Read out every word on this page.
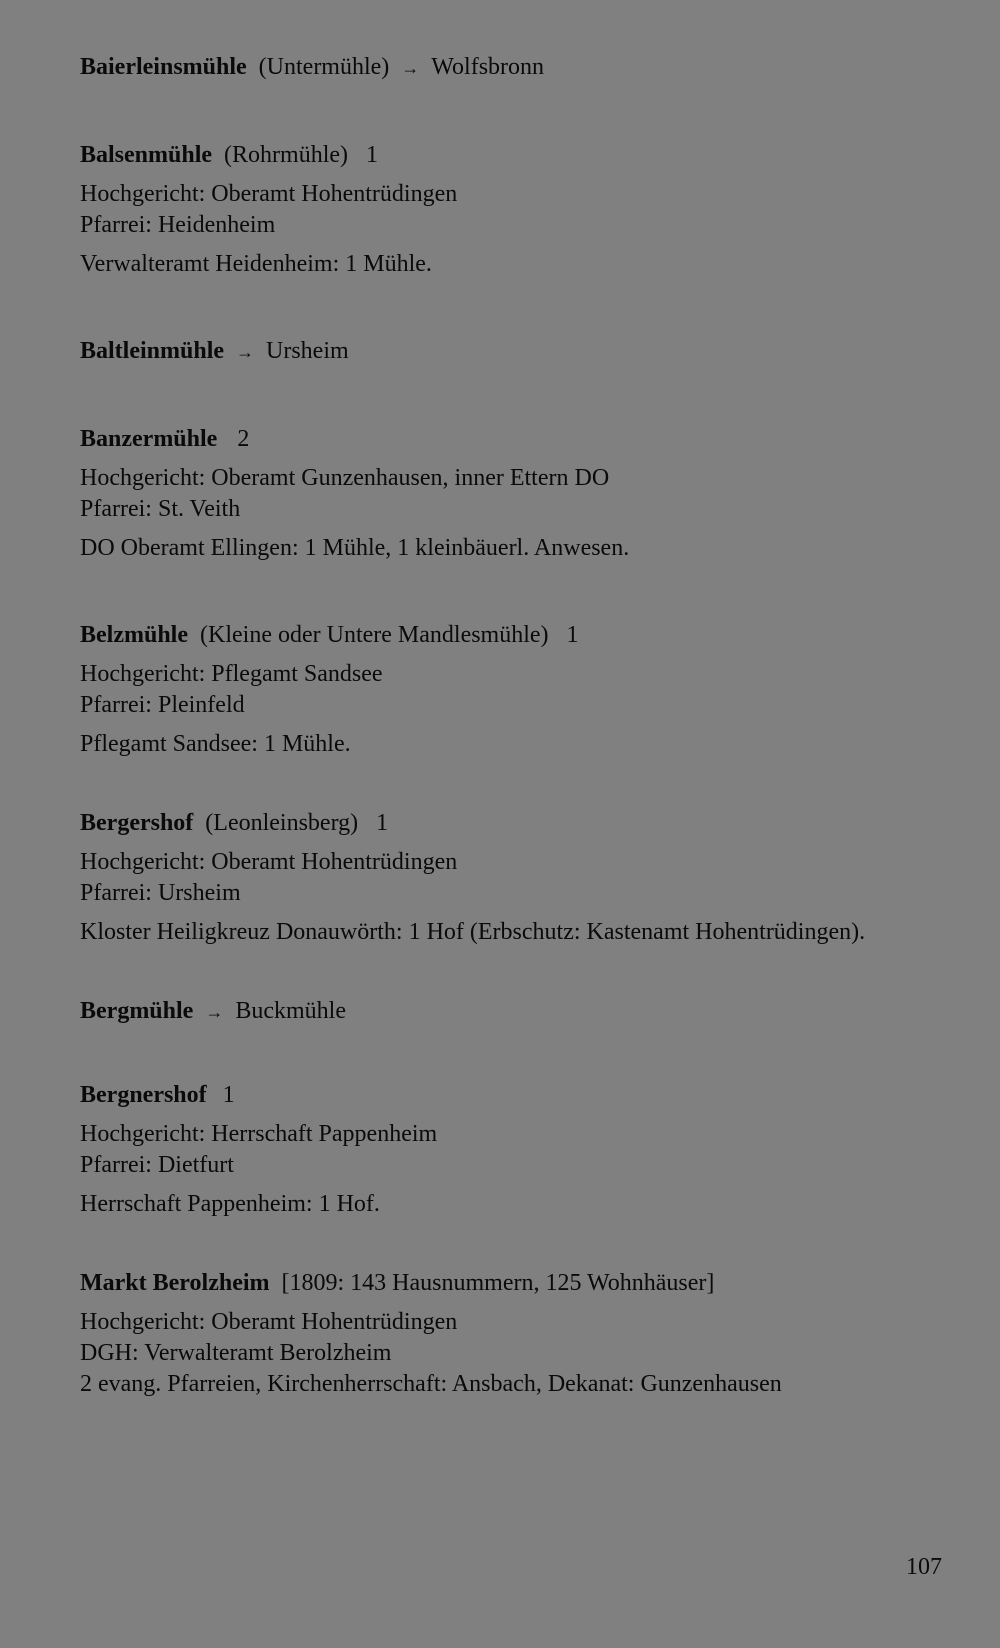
Baierleinsmühle (Untermühle) → Wolfsbronn

Balsenmühle (Rohrmühle)   1

Hochgericht: Oberamt Hohentrüdingen

Pfarrei: Heidenheim

Verwalteramt Heidenheim: 1 Mühle.

Baltleinmühle → Ursheim

Banzermühle 2

Hochgericht: Oberamt Gunzenhausen, inner Ettern DO

Pfarrei: St. Veith

DO Oberamt Ellingen: 1 Mühle, 1 kleinbäuerl. Anwesen.

Belzmühle (Kleine oder Untere Mandlesmühle)   1

Hochgericht: Pflegamt Sandsee

Pfarrei: Pleinfeld

Pflegamt Sandsee: 1 Mühle.

Bergershof (Leonleinsberg)   1

Hochgericht: Oberamt Hohentrüdingen

Pfarrei: Ursheim

Kloster Heiligkreuz Donauwörth: 1 Hof (Erbschutz: Kastenamt Hohentrüdingen).

Bergmühle → Buckmühle

Bergnershof 1

Hochgericht: Herrschaft Pappenheim

Pfarrei: Dietfurt

Herrschaft Pappenheim: 1 Hof.

Markt Berolzheim [1809: 143 Hausnummern, 125 Wohnhäuser]

Hochgericht: Oberamt Hohentrüdingen

DGH: Verwalteramt Berolzheim

2 evang. Pfarreien, Kirchenherrschaft: Ansbach, Dekanat: Gunzenhausen

107
